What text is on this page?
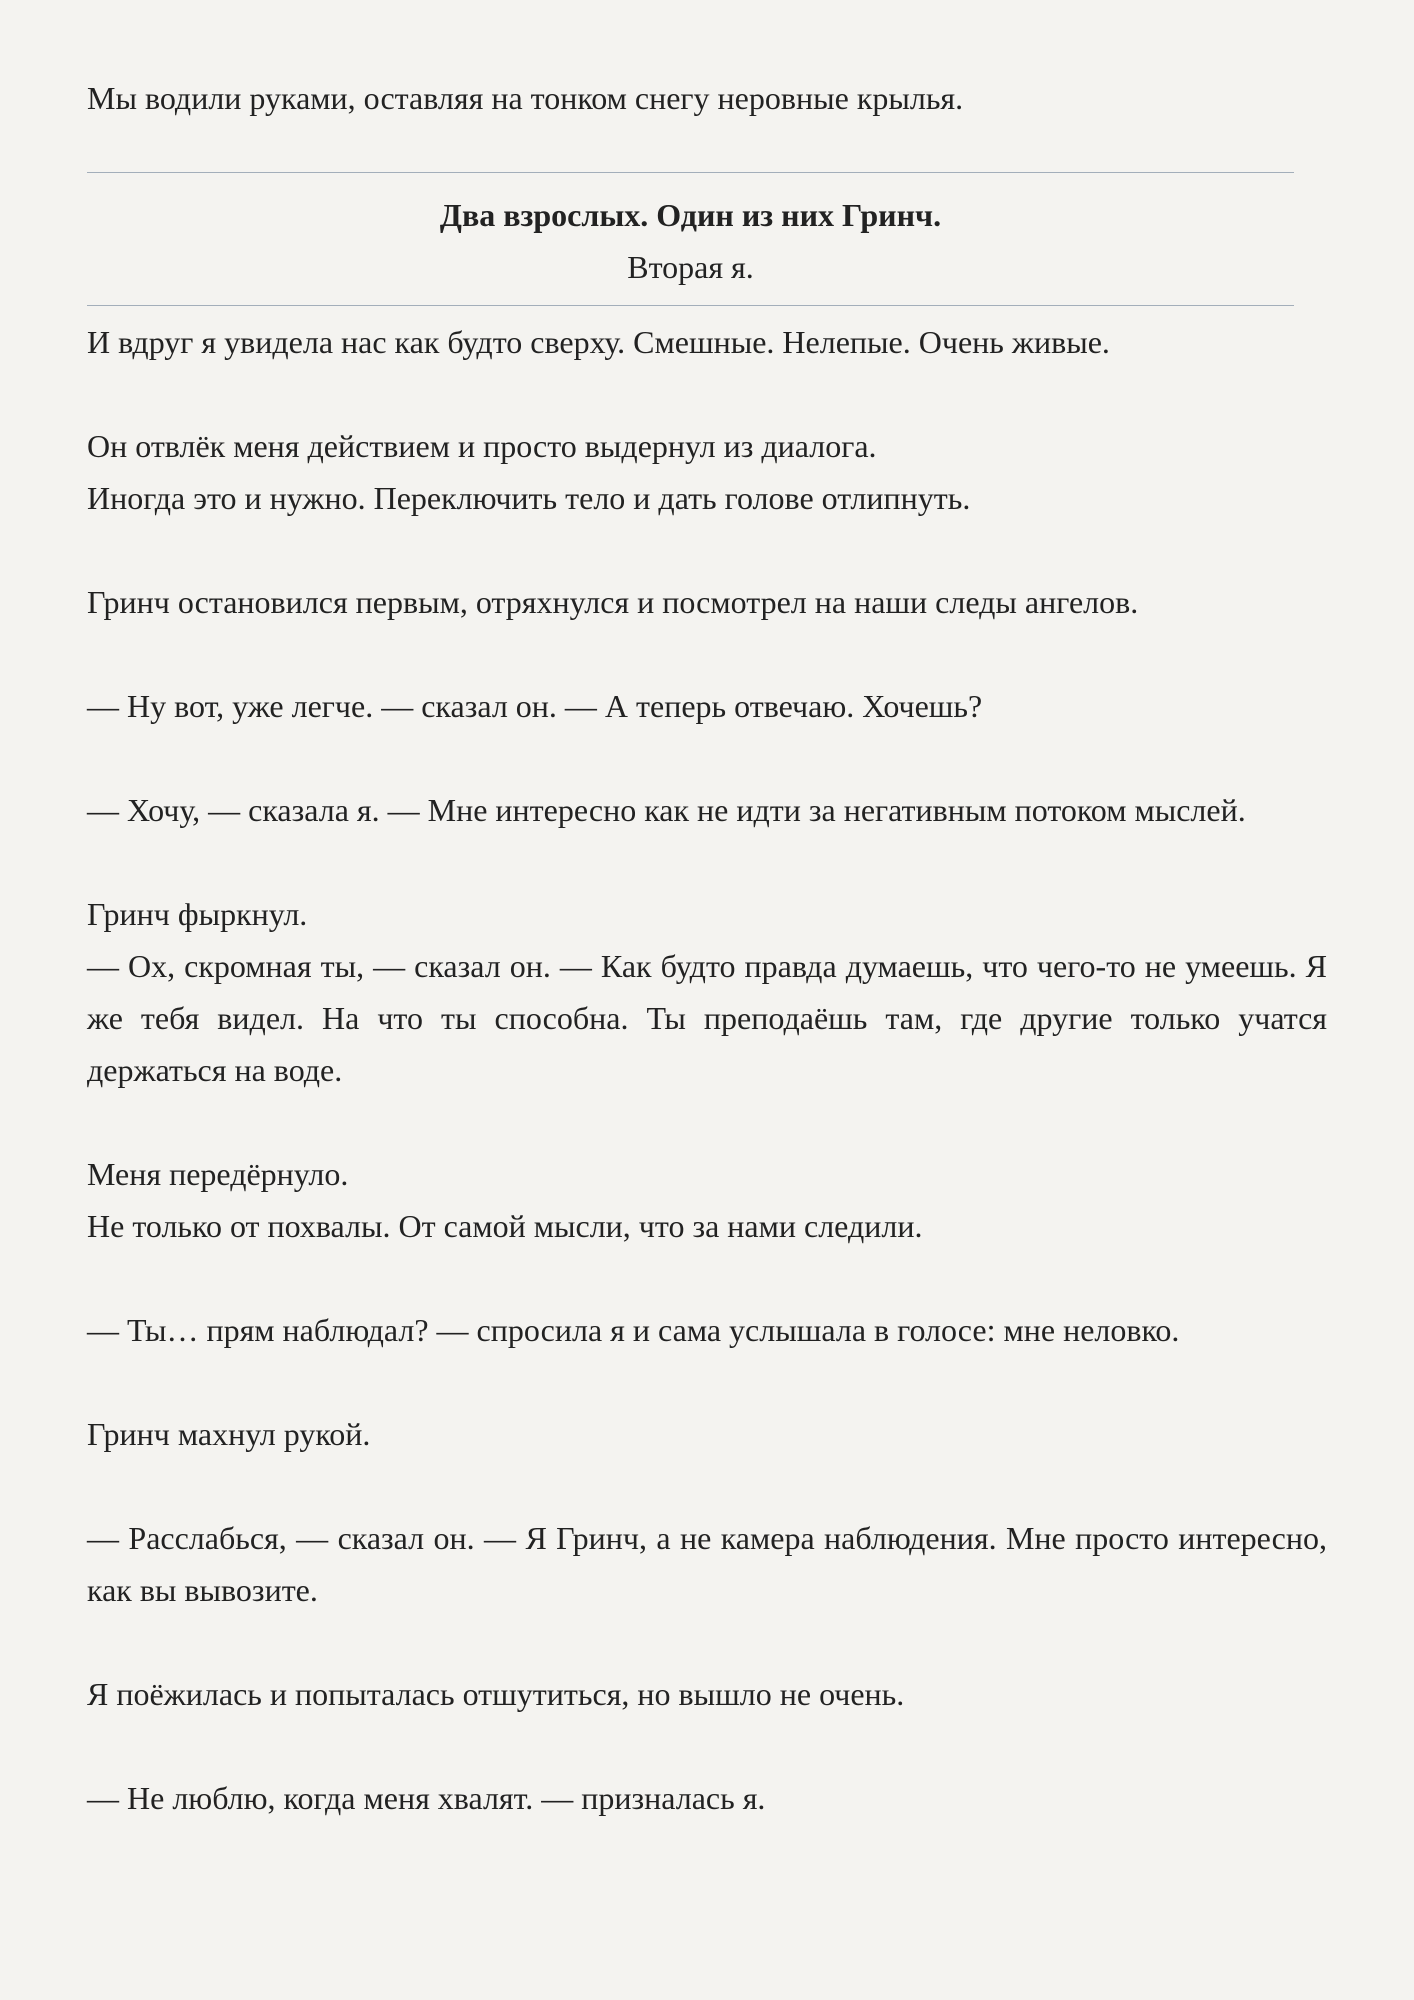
Мы водили руками, оставляя на тонком снегу неровные крылья.

Два взрослых. Один из них Гринч.

Вторая я.

И вдруг я увидела нас как будто сверху. Смешные. Нелепые. Очень живые.

Он отвлёк меня действием и просто выдернул из диалога.

Иногда это и нужно. Переключить тело и дать голове отлипнуть.

Гринч остановился первым, отряхнулся и посмотрел на наши следы ангелов.

— Ну вот, уже легче. — сказал он. — А теперь отвечаю. Хочешь?

— Хочу, — сказала я. — Мне интересно как не идти за негативным потоком мыслей.

Гринч фыркнул.

— Ох, скромная ты, — сказал он. — Как будто правда думаешь, что чего-то не умеешь. Я же тебя видел. На что ты способна. Ты преподаёшь там, где другие только учатся держаться на воде.

Меня передёрнуло.

Не только от похвалы. От самой мысли, что за нами следили.

— Ты… прям наблюдал? — спросила я и сама услышала в голосе: мне неловко.

Гринч махнул рукой.

— Расслабься, — сказал он. — Я Гринч, а не камера наблюдения. Мне просто интересно, как вы вывозите.

Я поёжилась и попыталась отшутиться, но вышло не очень.

— Не люблю, когда меня хвалят. — призналась я.
